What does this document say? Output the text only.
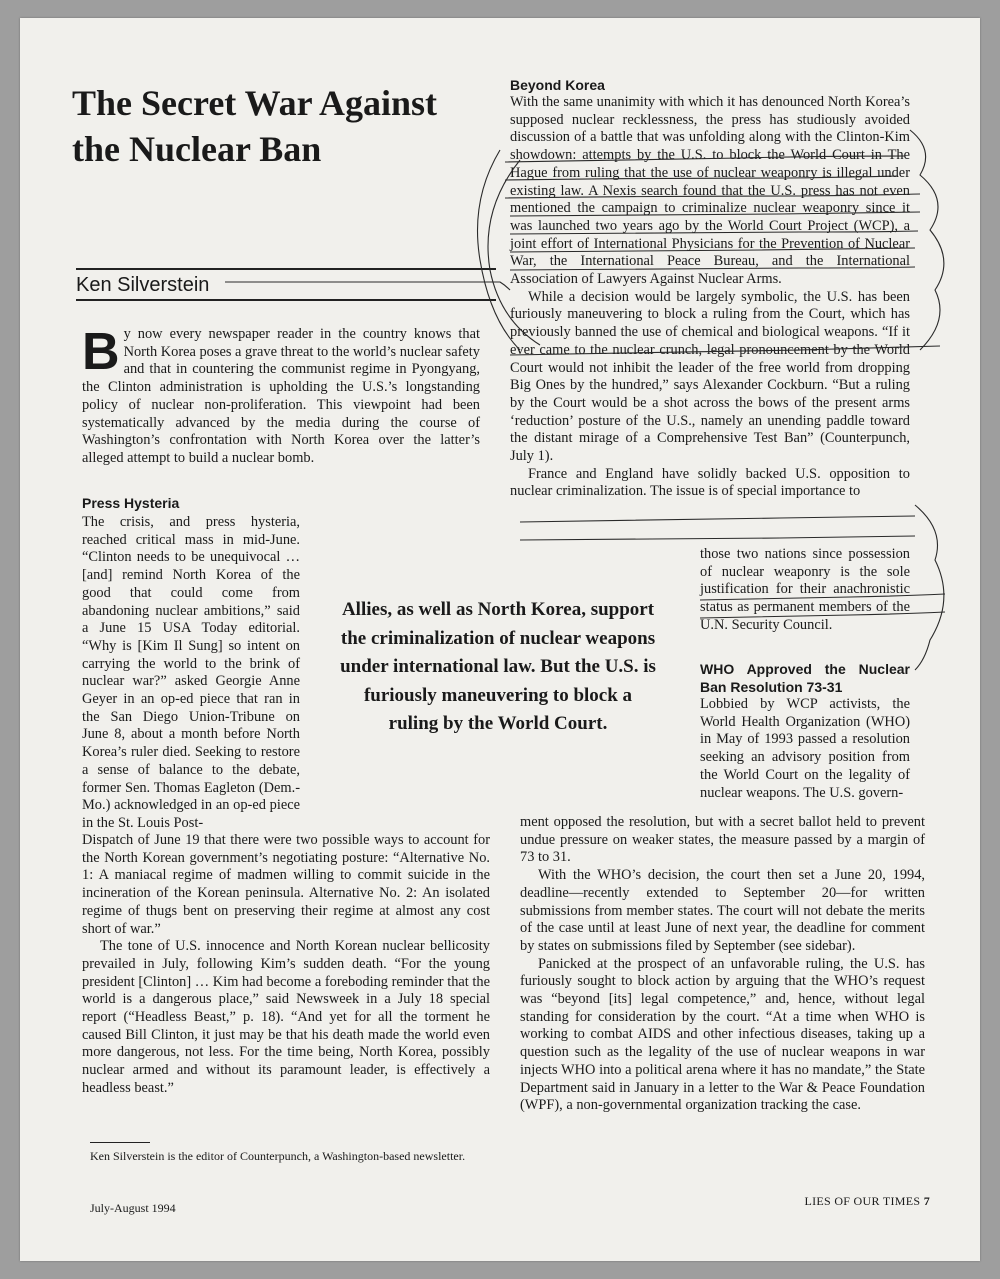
The Secret War Against the Nuclear Ban
Ken Silverstein
B y now every newspaper reader in the country knows that North Korea poses a grave threat to the world’s nuclear safety and that in countering the communist regime in Pyongyang, the Clinton administration is upholding the U.S.’s longstanding policy of nuclear non-proliferation. This viewpoint had been systematically advanced by the media during the course of Washington’s confrontation with North Korea over the latter’s alleged attempt to build a nuclear bomb.

Press Hysteria

The crisis, and press hysteria, reached critical mass in mid-June. “Clinton needs to be unequivocal … [and] remind North Korea of the good that could come from abandoning nuclear ambitions,” said a June 15 USA Today editorial. “Why is [Kim Il Sung] so intent on carrying the world to the brink of nuclear war?” asked Georgie Anne Geyer in an op-ed piece that ran in the San Diego Union-Tribune on June 8, about a month before North Korea’s ruler died. Seeking to restore a sense of balance to the debate, former Sen. Thomas Eagleton (Dem.-Mo.) acknowledged in an op-ed piece in the St. Louis Post-

Dispatch of June 19 that there were two possible ways to account for the North Korean government’s negotiating posture: “Alternative No. 1: A maniacal regime of madmen willing to commit suicide in the incineration of the Korean peninsula. Alternative No. 2: An isolated regime of thugs bent on preserving their regime at almost any cost short of war.”

The tone of U.S. innocence and North Korean nuclear bellicosity prevailed in July, following Kim’s sudden death. “For the young president [Clinton] … Kim had become a foreboding reminder that the world is a dangerous place,” said Newsweek in a July 18 special report (“Headless Beast,” p. 18). “And yet for all the torment he caused Bill Clinton, it just may be that his death made the world even more dangerous, not less. For the time being, North Korea, possibly nuclear armed and without its paramount leader, is effectively a headless beast.”

Ken Silverstein is the editor of Counterpunch, a Washington-based newsletter.
Allies, as well as North Korea, support the criminalization of nuclear weapons under international law. But the U.S. is furiously maneuvering to block a ruling by the World Court.

Beyond Korea

With the same unanimity with which it has denounced North Korea’s supposed nuclear recklessness, the press has studiously avoided discussion of a battle that was unfolding along with the Clinton-Kim showdown: attempts by the U.S. to block the World Court in The Hague from ruling that the use of nuclear weaponry is illegal under existing law. A Nexis search found that the U.S. press has not even mentioned the campaign to criminalize nuclear weaponry since it was launched two years ago by the World Court Project (WCP), a joint effort of International Physicians for the Prevention of Nuclear War, the International Peace Bureau, and the International Association of Lawyers Against Nuclear Arms.

While a decision would be largely symbolic, the U.S. has been furiously maneuvering to block a ruling from the Court, which has previously banned the use of chemical and biological weapons. “If it ever came to the nuclear crunch, legal pronouncement by the World Court would not inhibit the leader of the free world from dropping Big Ones by the hundred,” says Alexander Cockburn. “But a ruling by the Court would be a shot across the bows of the present arms ‘reduction’ posture of the U.S., namely an unending paddle toward the distant mirage of a Comprehensive Test Ban” (Counterpunch, July 1).

France and England have solidly backed U.S. opposition to nuclear criminalization. The issue is of special importance to

those two nations since possession of nuclear weaponry is the sole justification for their anachronistic status as permanent members of the U.N. Security Council.

WHO Approved the Nuclear Ban Resolution 73-31

Lobbied by WCP activists, the World Health Organization (WHO) in May of 1993 passed a resolution seeking an advisory position from the World Court on the legality of nuclear weapons. The U.S. govern-

ment opposed the resolution, but with a secret ballot held to prevent undue pressure on weaker states, the measure passed by a margin of 73 to 31.

With the WHO’s decision, the court then set a June 20, 1994, deadline—recently extended to September 20—for written submissions from member states. The court will not debate the merits of the case until at least June of next year, the deadline for comment by states on submissions filed by September (see sidebar).

Panicked at the prospect of an unfavorable ruling, the U.S. has furiously sought to block action by arguing that the WHO’s request was “beyond [its] legal competence,” and, hence, without legal standing for consideration by the court. “At a time when WHO is working to combat AIDS and other infectious diseases, taking up a question such as the legality of the use of nuclear weapons in war injects WHO into a political arena where it has no mandate,” the State Department said in January in a letter to the War & Peace Foundation (WPF), a non-governmental organization tracking the case.

July-August 1994	LIES OF OUR TIMES 7
